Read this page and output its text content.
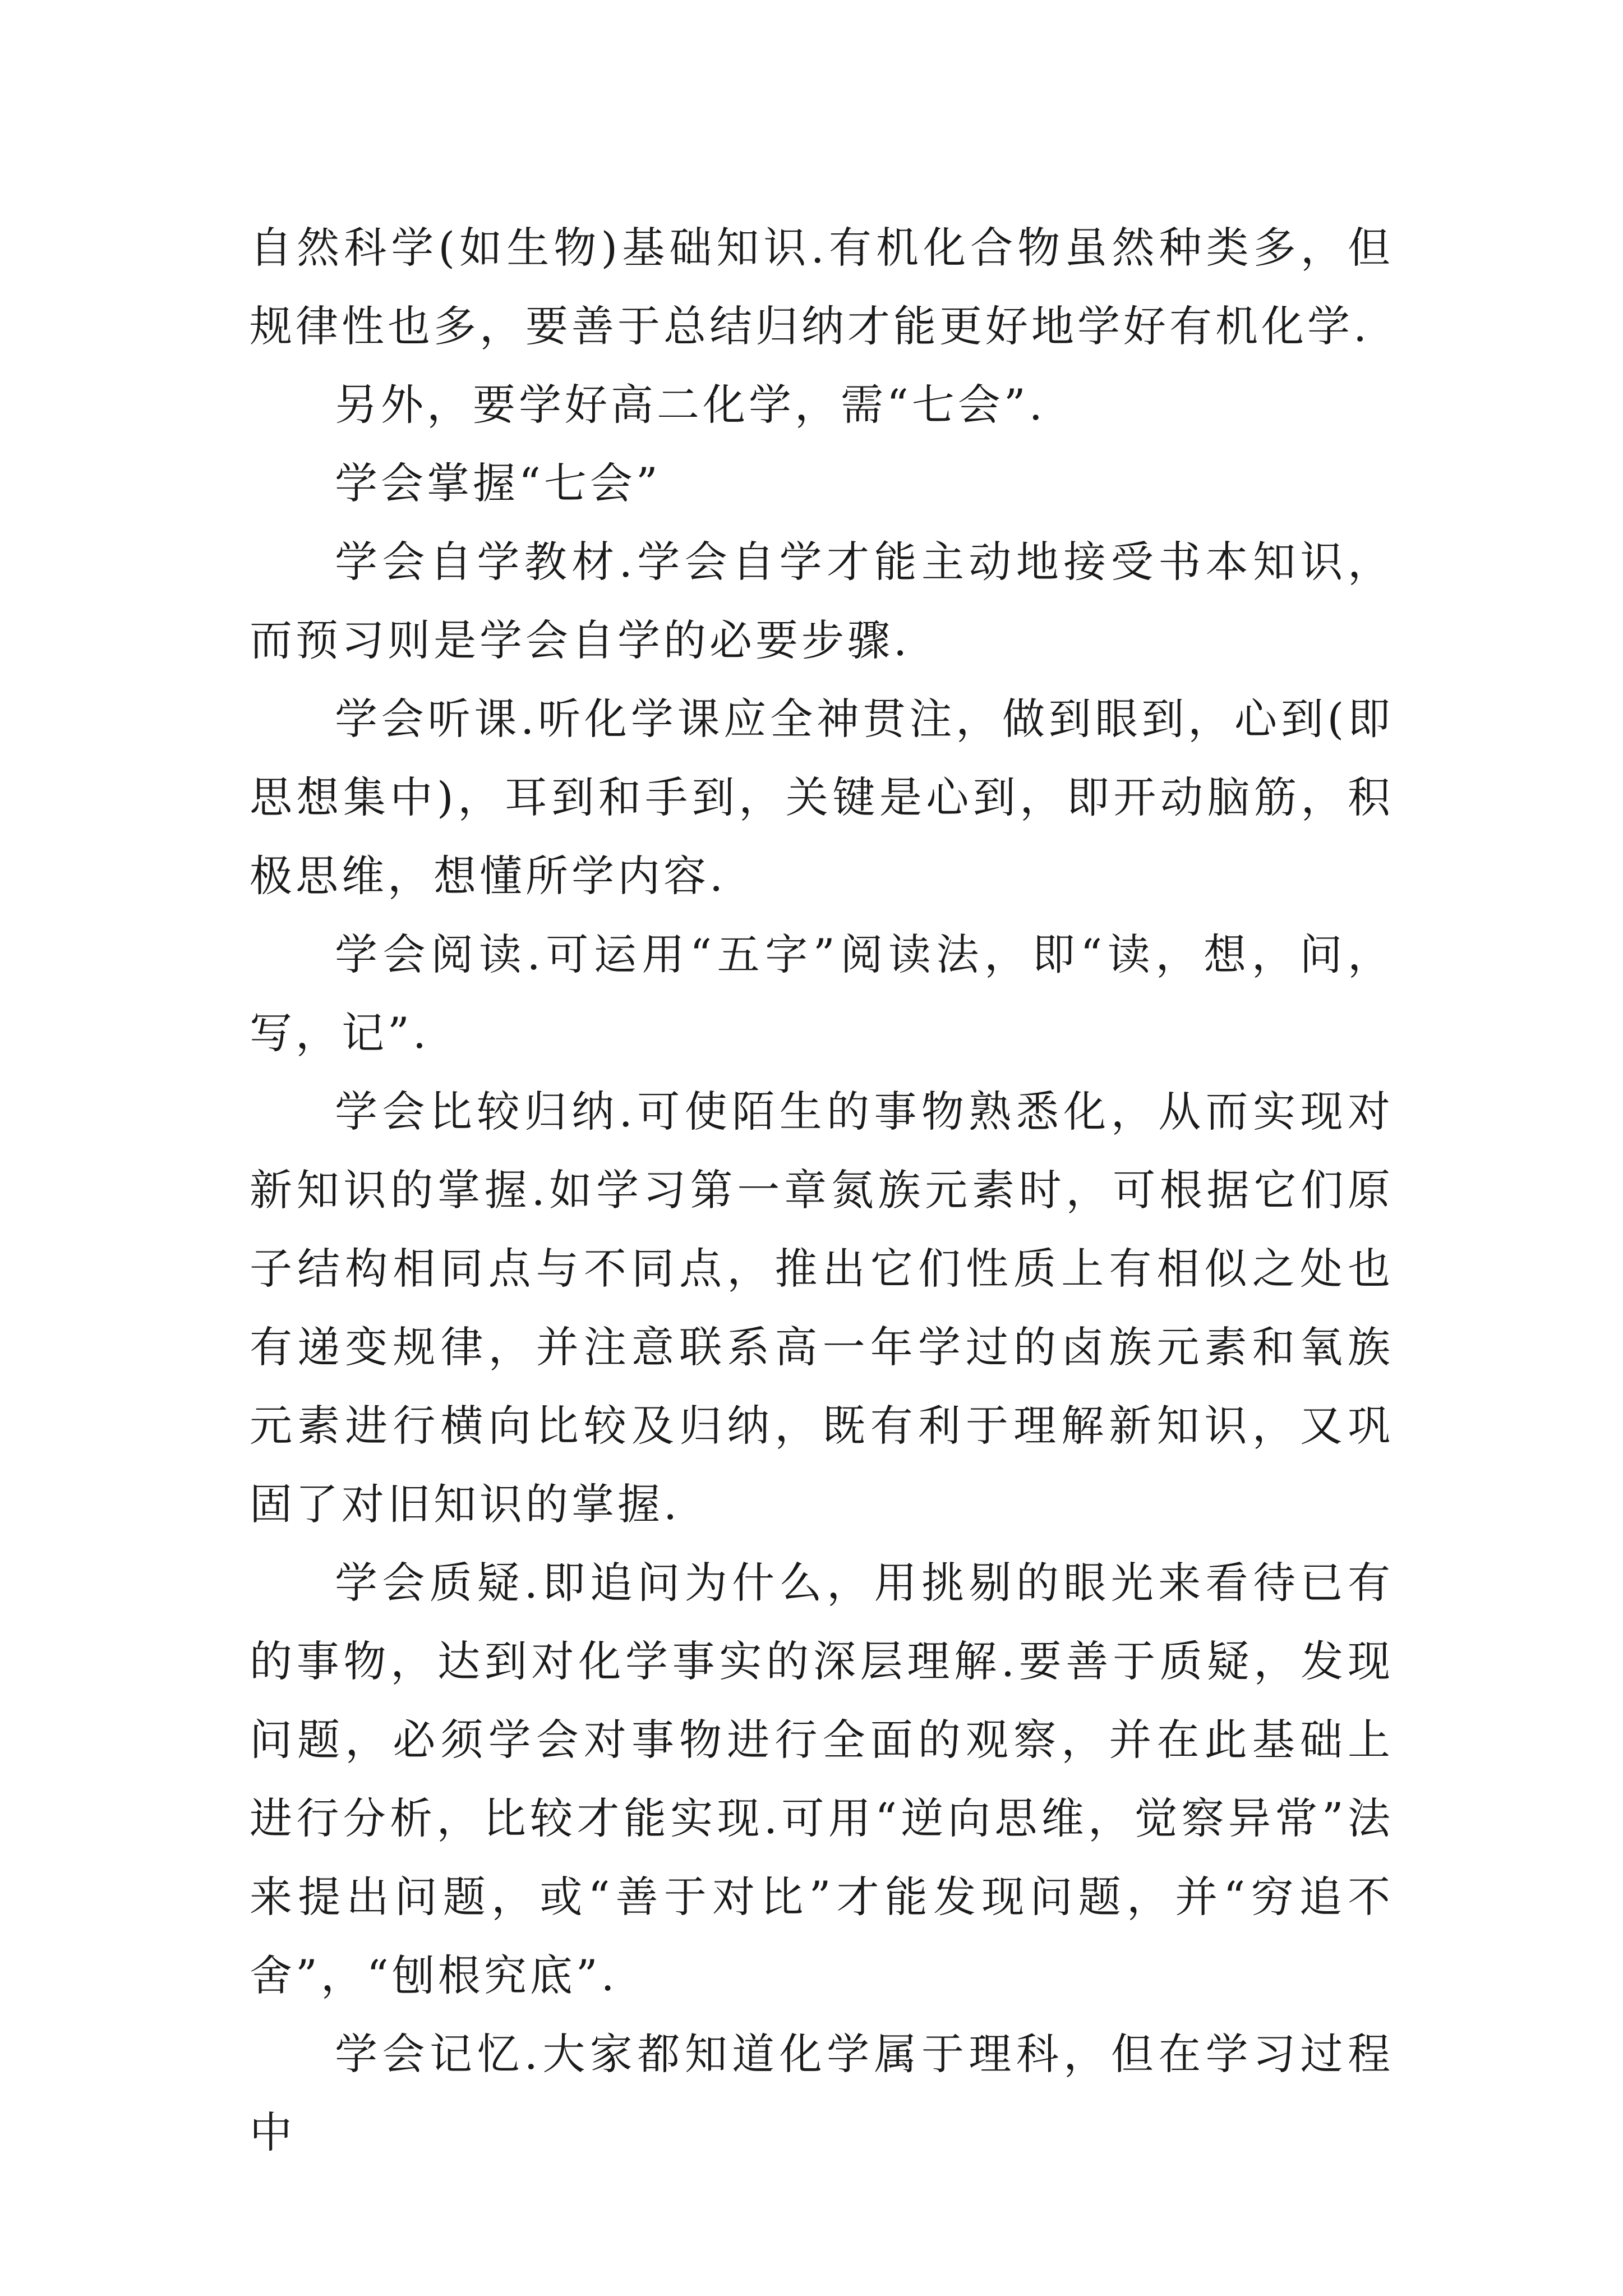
自然科学(如生物)基础知识.有机化合物虽然种类多，但规律性也多，要善于总结归纳才能更好地学好有机化学.

另外，要学好高二化学，需“七会”.

学会掌握“七会”

学会自学教材.学会自学才能主动地接受书本知识，而预习则是学会自学的必要步骤.

学会听课.听化学课应全神贯注，做到眼到，心到(即思想集中)，耳到和手到，关键是心到，即开动脑筋，积极思维，想懂所学内容.

学会阅读.可运用“五字”阅读法，即“读，想，问，写，记”.

学会比较归纳.可使陌生的事物熟悉化，从而实现对新知识的掌握.如学习第一章氮族元素时，可根据它们原子结构相同点与不同点，推出它们性质上有相似之处也有递变规律，并注意联系高一年学过的卤族元素和氧族元素进行横向比较及归纳，既有利于理解新知识，又巩固了对旧知识的掌握.

学会质疑.即追问为什么，用挑剔的眼光来看待已有的事物，达到对化学事实的深层理解.要善于质疑，发现问题，必须学会对事物进行全面的观察，并在此基础上进行分析，比较才能实现.可用“逆向思维，觉察异常”法来提出问题，或“善于对比”才能发现问题，并“穷追不舍”，“刨根究底”.

学会记忆.大家都知道化学属于理科，但在学习过程中
